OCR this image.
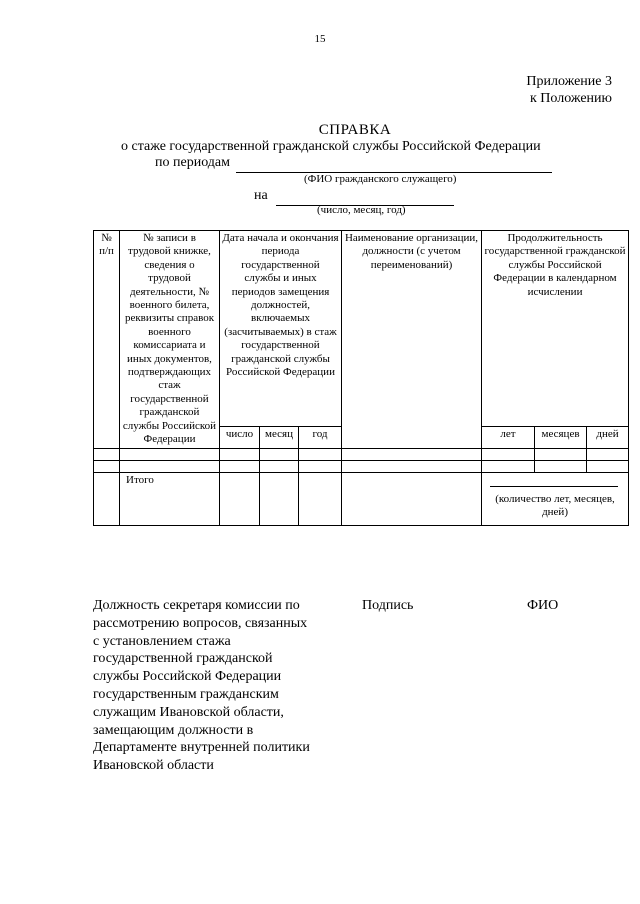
15
Приложение 3
к Положению
СПРАВКА
о стаже государственной гражданской службы Российской Федерации
по периодам
(ФИО гражданского служащего)
на
(число, месяц, год)
№ п/п	№ записи в трудовой книжке, сведения о трудовой деятельности, № военного билета, реквизиты справок военного комиссариата и иных документов, подтверждающих стаж государственной гражданской службы Российской Федерации	Дата начала и окончания периода государственной службы и иных периодов замещения должностей, включаемых (засчитываемых) в стаж государственной гражданской службы Российской Федерации			Наименование организации, должности (с учетом переименований)	Продолжительность государственной гражданской службы Российской Федерации в календарном исчислении		
		число	месяц	год		лет	месяцев	дней

	Итого					(количество лет, месяцев, дней)		
Должность секретаря комиссии по рассмотрению вопросов, связанных с установлением стажа государственной гражданской службы Российской Федерации государственным гражданским служащим Ивановской области, замещающим должности в Департаменте внутренней политики Ивановской области
Подпись	ФИО
